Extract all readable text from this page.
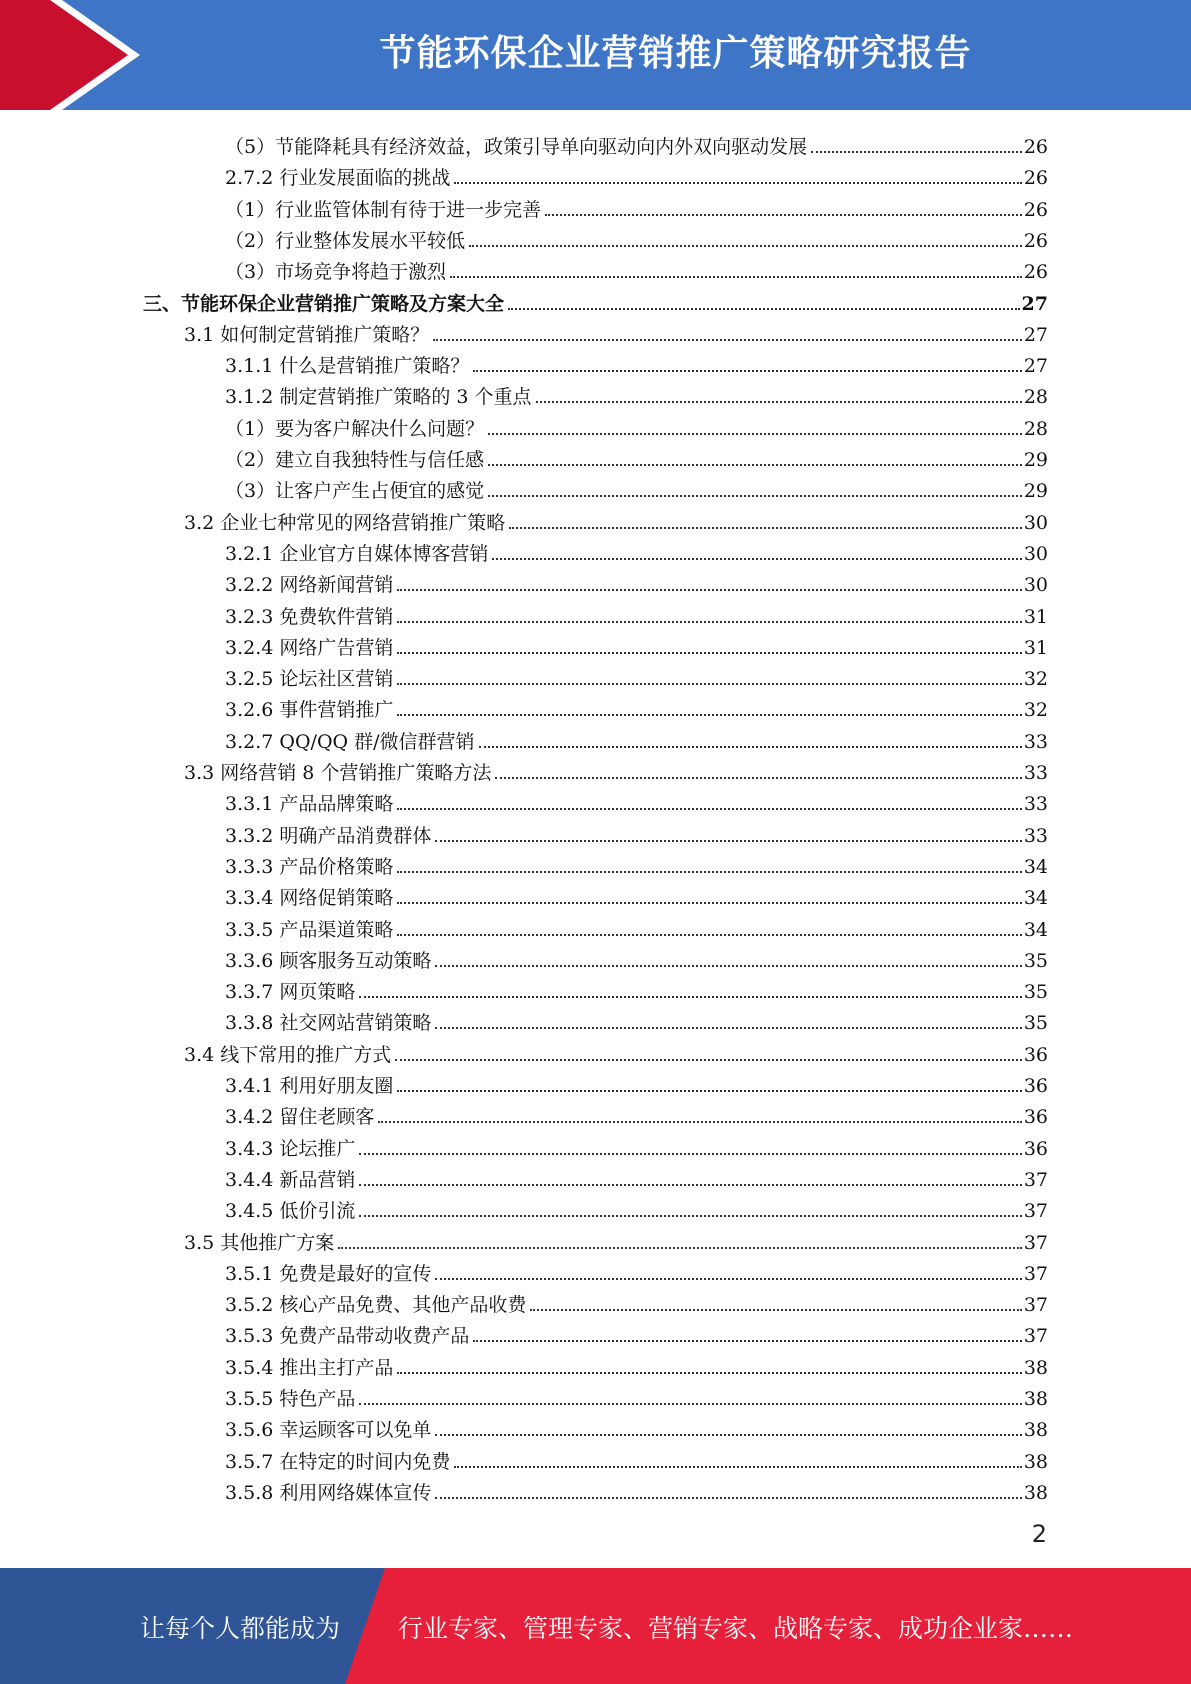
节能环保企业营销推广策略研究报告
（5）节能降耗具有经济效益，政策引导单向驱动向内外双向驱动发展	26
2.7.2 行业发展面临的挑战	26
（1）行业监管体制有待于进一步完善	26
（2）行业整体发展水平较低	26
（3）市场竞争将趋于激烈	26
三、节能环保企业营销推广策略及方案大全	27
3.1 如何制定营销推广策略？	27
3.1.1 什么是营销推广策略？	27
3.1.2 制定营销推广策略的 3 个重点	28
（1）要为客户解决什么问题？	28
（2）建立自我独特性与信任感	29
（3）让客户产生占便宜的感觉	29
3.2 企业七种常见的网络营销推广策略	30
3.2.1 企业官方自媒体博客营销	30
3.2.2 网络新闻营销	30
3.2.3 免费软件营销	31
3.2.4 网络广告营销	31
3.2.5 论坛社区营销	32
3.2.6 事件营销推广	32
3.2.7 QQ/QQ 群/微信群营销	33
3.3 网络营销 8 个营销推广策略方法	33
3.3.1 产品品牌策略	33
3.3.2 明确产品消费群体	33
3.3.3 产品价格策略	34
3.3.4 网络促销策略	34
3.3.5 产品渠道策略	34
3.3.6 顾客服务互动策略	35
3.3.7 网页策略	35
3.3.8 社交网站营销策略	35
3.4 线下常用的推广方式	36
3.4.1 利用好朋友圈	36
3.4.2 留住老顾客	36
3.4.3 论坛推广	36
3.4.4 新品营销	37
3.4.5 低价引流	37
3.5 其他推广方案	37
3.5.1 免费是最好的宣传	37
3.5.2 核心产品免费、其他产品收费	37
3.5.3 免费产品带动收费产品	37
3.5.4 推出主打产品	38
3.5.5 特色产品	38
3.5.6 幸运顾客可以免单	38
3.5.7 在特定的时间内免费	38
3.5.8 利用网络媒体宣传	38
2
让每个人都能成为 行业专家、管理专家、营销专家、战略专家、成功企业家……
